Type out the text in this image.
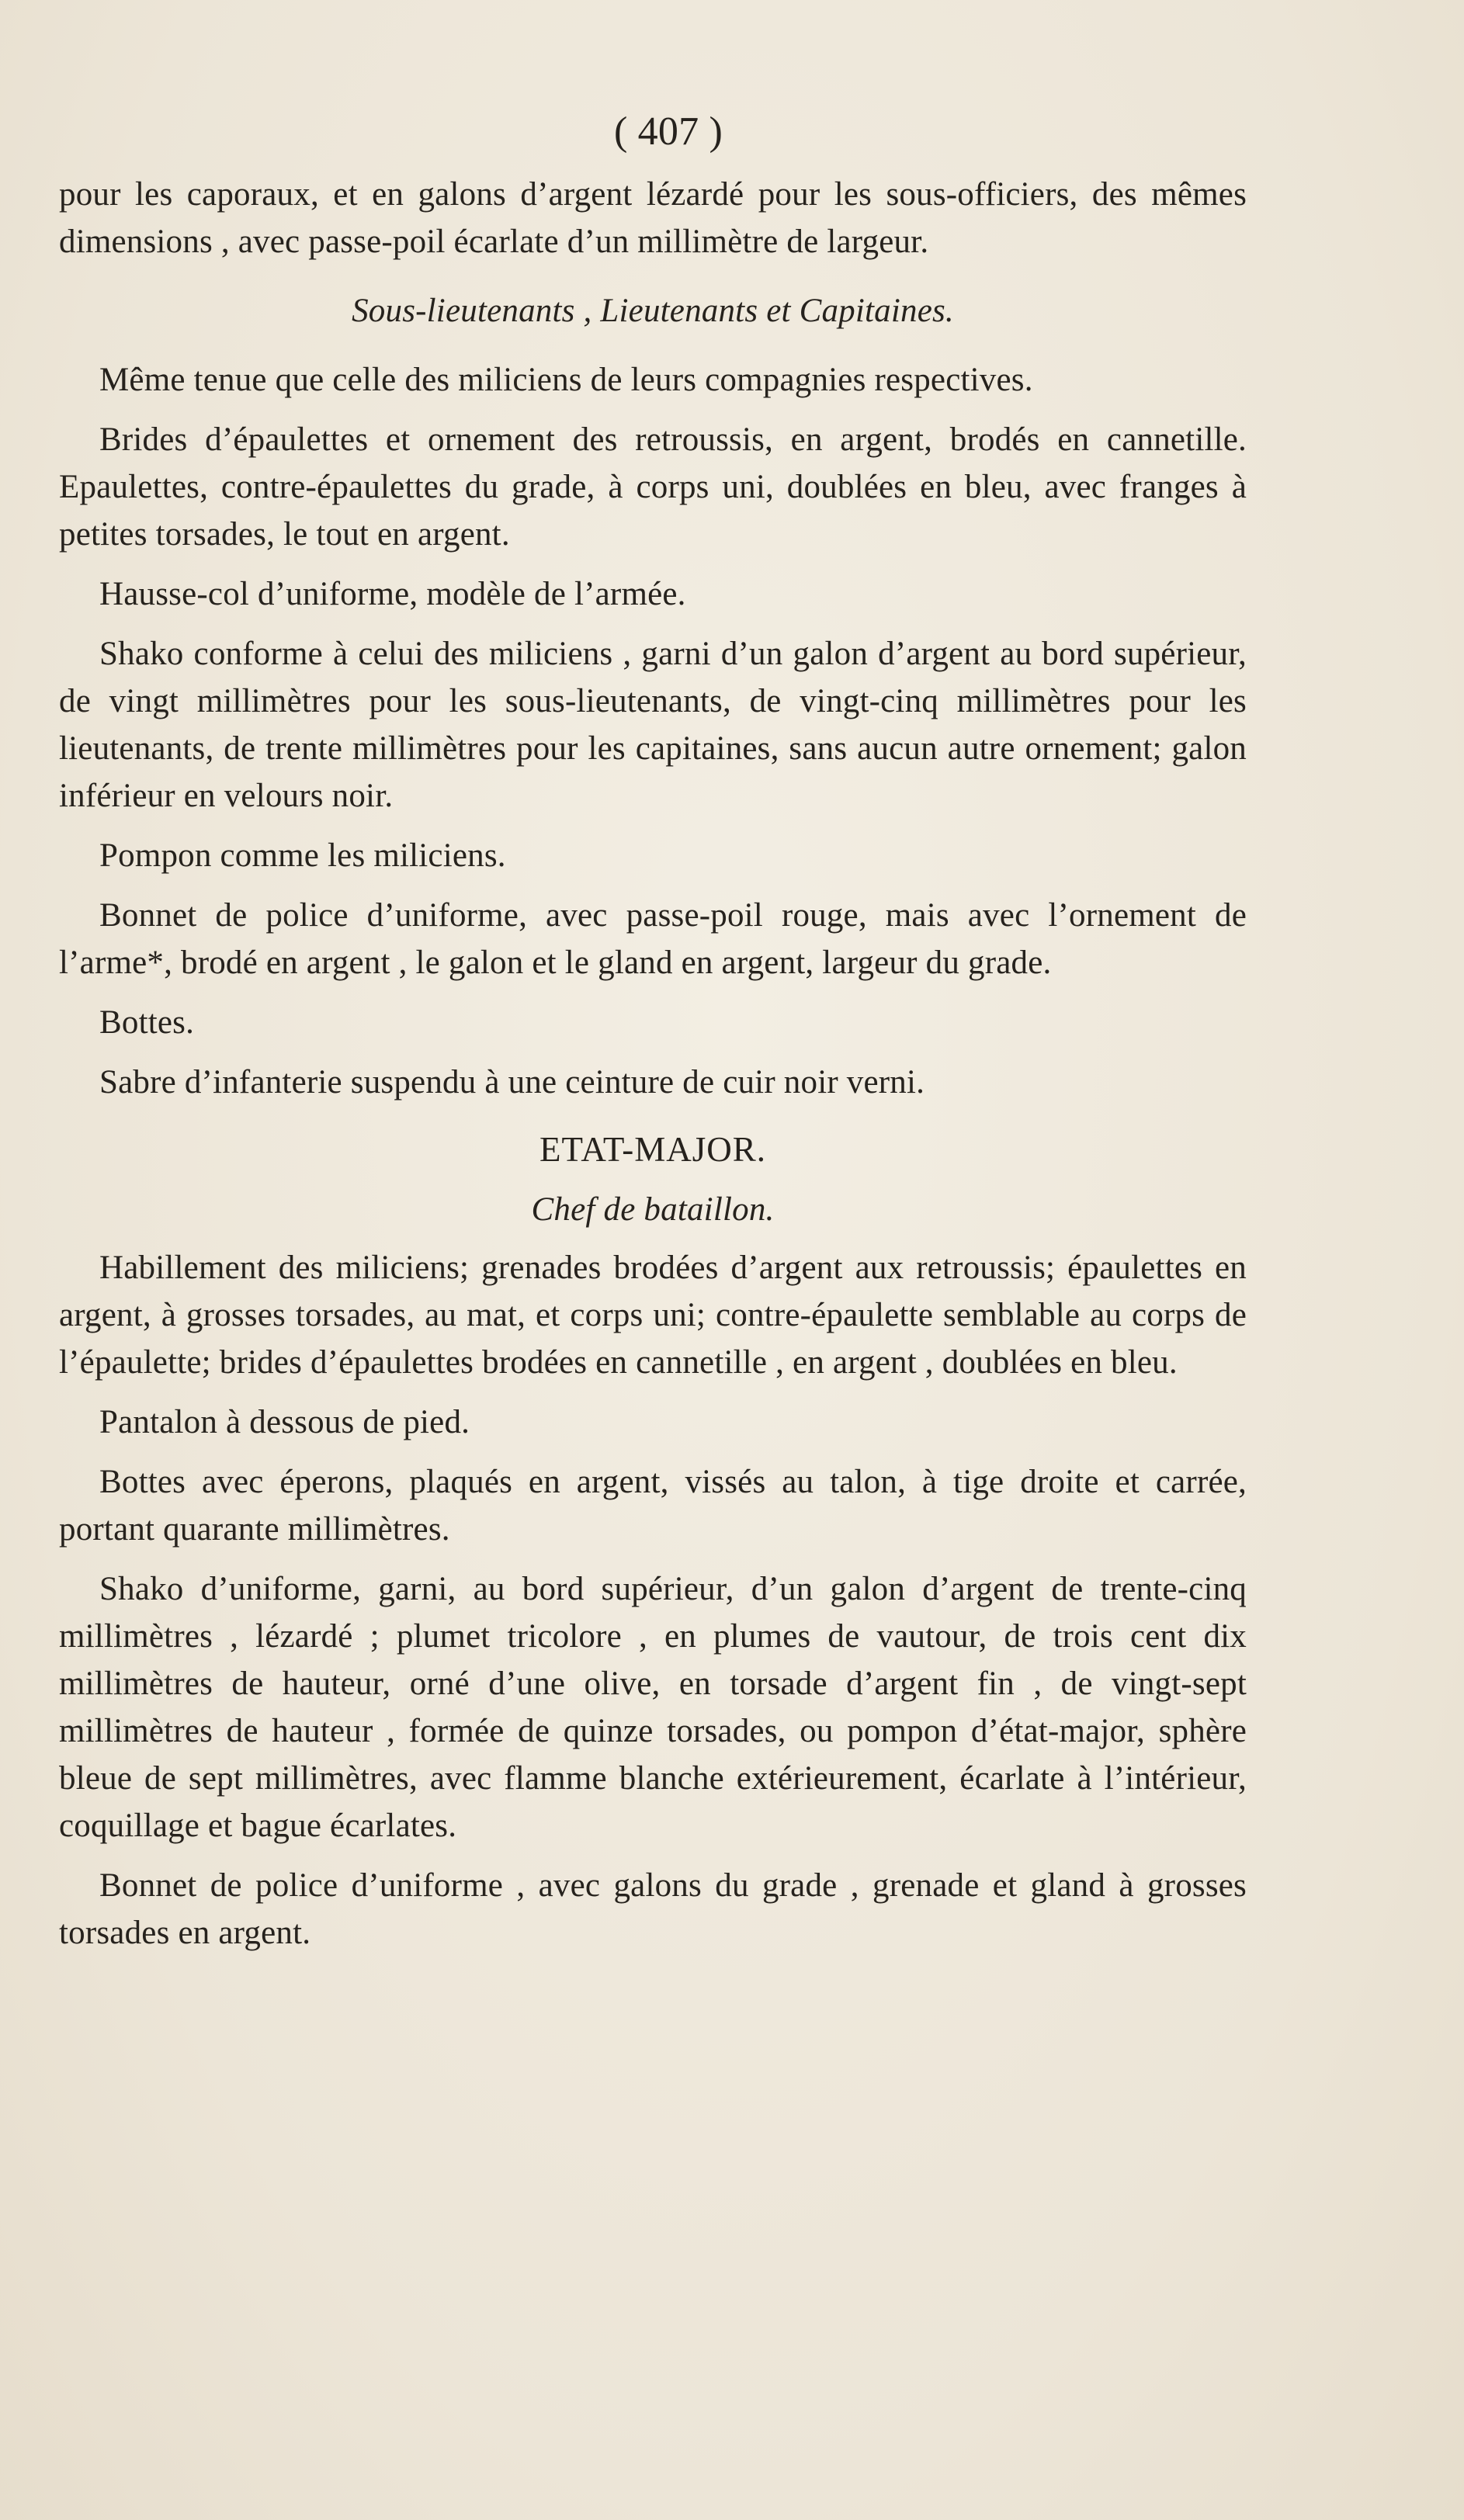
( 407 )

pour les caporaux, et en galons d’argent lézardé pour les sous-officiers, des mêmes dimensions , avec passe-poil écarlate d’un millimètre de largeur.

Sous-lieutenants , Lieutenants et Capitaines.

Même tenue que celle des miliciens de leurs compagnies respectives.

Brides d’épaulettes et ornement des retroussis, en argent, brodés en cannetille. Epaulettes, contre-épaulettes du grade, à corps uni, doublées en bleu, avec franges à petites torsades, le tout en argent.

Hausse-col d’uniforme, modèle de l’armée.

Shako conforme à celui des miliciens , garni d’un galon d’argent au bord supérieur, de vingt millimètres pour les sous-lieutenants, de vingt-cinq millimètres pour les lieutenants, de trente millimètres pour les capitaines, sans aucun autre ornement; galon inférieur en velours noir.

Pompon comme les miliciens.

Bonnet de police d’uniforme, avec passe-poil rouge, mais avec l’ornement de l’arme*, brodé en argent , le galon et le gland en argent, largeur du grade.

Bottes.

Sabre d’infanterie suspendu à une ceinture de cuir noir verni.

ETAT-MAJOR.
Chef de bataillon.

Habillement des miliciens; grenades brodées d’argent aux retroussis; épaulettes en argent, à grosses torsades, au mat, et corps uni; contre-épaulette semblable au corps de l’épaulette; brides d’épaulettes brodées en cannetille , en argent , doublées en bleu.

Pantalon à dessous de pied.

Bottes avec éperons, plaqués en argent, vissés au talon, à tige droite et carrée, portant quarante millimètres.

Shako d’uniforme, garni, au bord supérieur, d’un galon d’argent de trente-cinq millimètres , lézardé ; plumet tricolore , en plumes de vautour, de trois cent dix millimètres de hauteur, orné d’une olive, en torsade d’argent fin , de vingt-sept millimètres de hauteur , formée de quinze torsades, ou pompon d’état-major, sphère bleue de sept millimètres, avec flamme blanche extérieurement, écarlate à l’intérieur, coquillage et bague écarlates.

Bonnet de police d’uniforme , avec galons du grade , grenade et gland à grosses torsades en argent.
